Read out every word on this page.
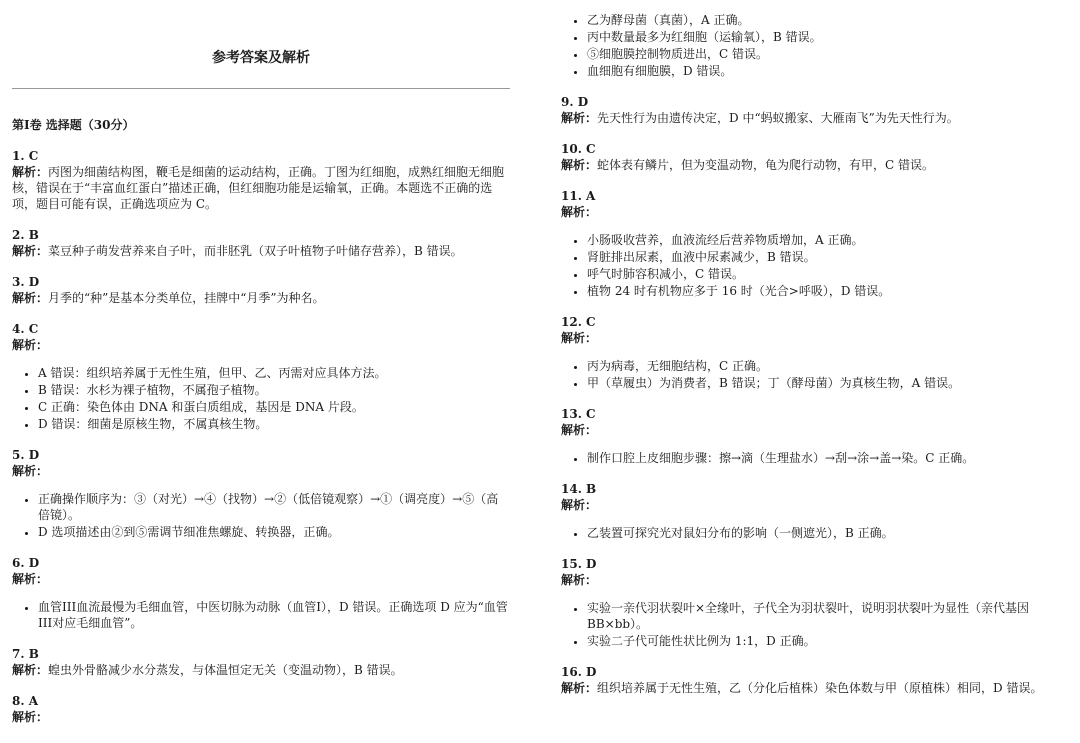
参考答案及解析
第I卷 选择题（30分）
1. C
解析：丙图为细菌结构图，鞭毛是细菌的运动结构，正确。丁图为红细胞，成熟红细胞无细胞核，错误在于“丰富血红蛋白”描述正确，但红细胞功能是运输氧，正确。本题选不正确的选项，题目可能有误，正确选项应为 C。
2. B
解析：菜豆种子萌发营养来自子叶，而非胚乳（双子叶植物子叶储存营养），B 错误。
3. D
解析：月季的“种”是基本分类单位，挂牌中“月季”为种名。
4. C
解析：
• A 错误：组织培养属于无性生殖，但甲、乙、丙需对应具体方法。
• B 错误：水杉为裸子植物，不属孢子植物。
• C 正确：染色体由 DNA 和蛋白质组成，基因是 DNA 片段。
• D 错误：细菌是原核生物，不属真核生物。
5. D
解析：
• 正确操作顺序为：③（对光）→④（找物）→②（低倍镜观察）→①（调亮度）→⑤（高倍镜）。
• D 选项描述由②到⑤需调节细准焦螺旋、转换器，正确。
6. D
解析：
• 血管III血流最慢为毛细血管，中医切脉为动脉（血管I），D 错误。正确选项 D 应为“血管III对应毛细血管”。
7. B
解析：蝗虫外骨骼减少水分蒸发，与体温恒定无关（变温动物），B 错误。
8. A
解析：
• 乙为酵母菌（真菌），A 正确。
• 丙中数量最多为红细胞（运输氧），B 错误。
• ⑤细胞膜控制物质进出，C 错误。
• 血细胞有细胞膜，D 错误。
9. D
解析：先天性行为由遗传决定，D 中“蚂蚁搬家、大雁南飞”为先天性行为。
10. C
解析：蛇体表有鳞片，但为变温动物，龟为爬行动物，有甲，C 错误。
11. A
解析：
• 小肠吸收营养，血液流经后营养物质增加，A 正确。
• 肾脏排出尿素，血液中尿素减少，B 错误。
• 呼气时肺容积减小，C 错误。
• 植物 24 时有机物应多于 16 时（光合>呼吸），D 错误。
12. C
解析：
• 丙为病毒，无细胞结构，C 正确。
• 甲（草履虫）为消费者，B 错误；丁（酵母菌）为真核生物，A 错误。
13. C
解析：
• 制作口腔上皮细胞步骤：擦→滴（生理盐水）→刮→涂→盖→染。C 正确。
14. B
解析：
• 乙装置可探究光对鼠妇分布的影响（一侧遮光），B 正确。
15. D
解析：
• 实验一亲代羽状裂叶×全缘叶，子代全为羽状裂叶，说明羽状裂叶为显性（亲代基因 BB×bb）。
• 实验二子代可能性状比例为 1:1，D 正确。
16. D
解析：组织培养属于无性生殖，乙（分化后植株）染色体数与甲（原植株）相同，D 错误。
